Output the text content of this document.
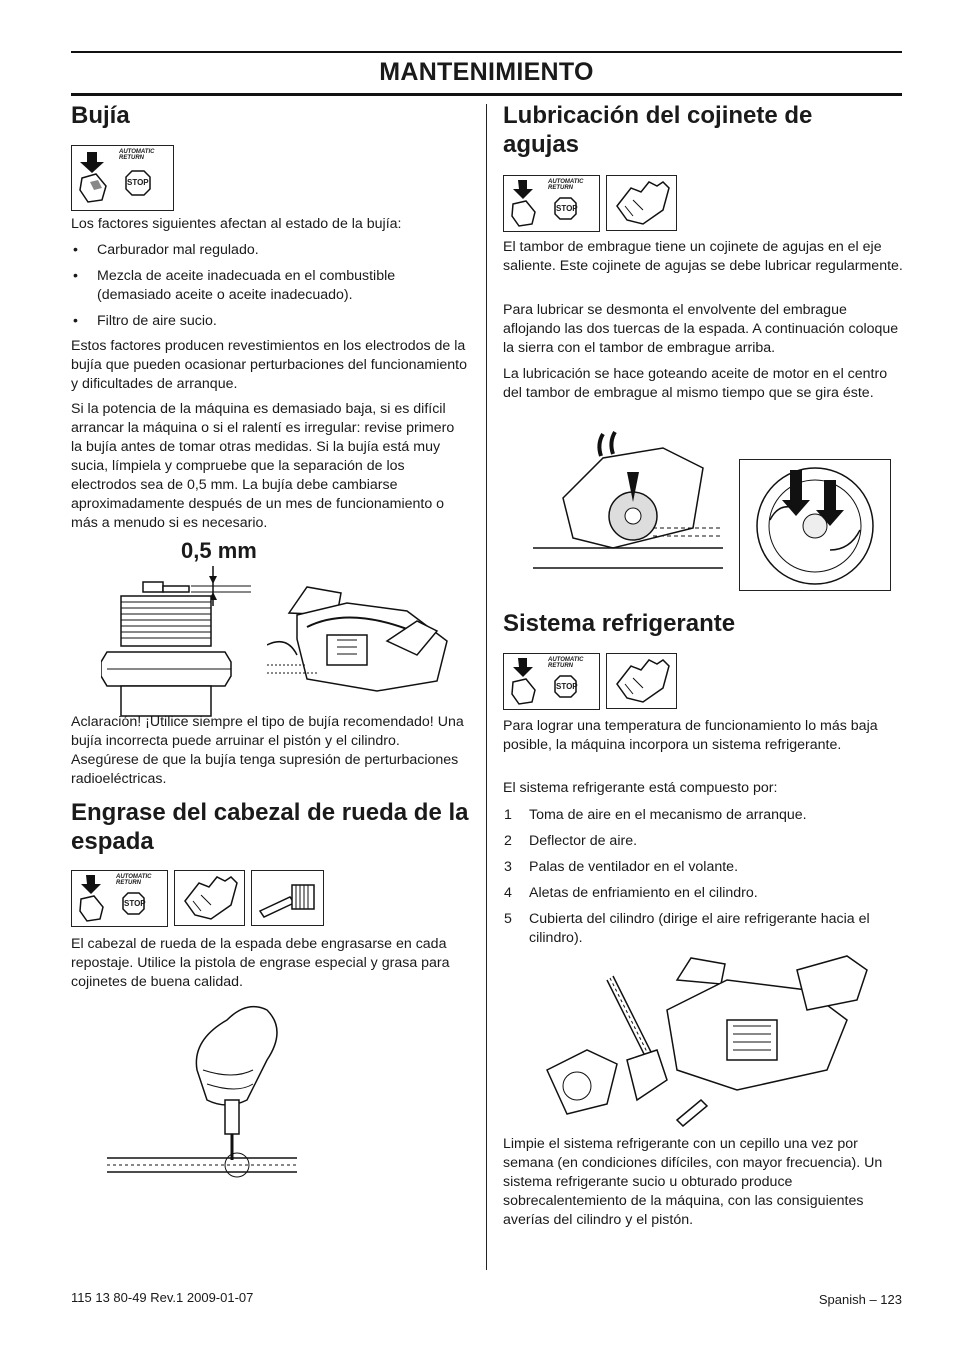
MANTENIMIENTO
Bujía
AUTOMATIC
RETURN
STOP

Los factores siguientes afectan al estado de la bujía:

• Carburador mal regulado.
• Mezcla de aceite inadecuada en el combustible (demasiado aceite o aceite inadecuado).
• Filtro de aire sucio.

Estos factores producen revestimientos en los electrodos de la bujía que pueden ocasionar perturbaciones del funcionamiento y dificultades de arranque.

Si la potencia de la máquina es demasiado baja, si es difícil arrancar la máquina o si el ralentí es irregular: revise primero la bujía antes de tomar otras medidas. Si la bujía está muy sucia, límpiela y compruebe que la separación de los electrodos sea de 0,5 mm. La bujía debe cambiarse aproximadamente después de un mes de funcionamiento o más a menudo si es necesario.

0,5 mm

Aclaración! ¡Utilice siempre el tipo de bujía recomendado! Una bujía incorrecta puede arruinar el pistón y el cilindro. Asegúrese de que la bujía tenga supresión de perturbaciones radioeléctricas.

Engrase del cabezal de rueda de la espada
AUTOMATIC
RETURN
STOP

El cabezal de rueda de la espada debe engrasarse en cada repostaje. Utilice la pistola de engrase especial y grasa para cojinetes de buena calidad.

Lubricación del cojinete de agujas
AUTOMATIC
RETURN
STOP

El tambor de embrague tiene un cojinete de agujas en el eje saliente. Este cojinete de agujas se debe lubricar regularmente.

Para lubricar se desmonta el envolvente del embrague aflojando las dos tuercas de la espada. A continuación coloque la sierra con el tambor de embrague arriba.

La lubricación se hace goteando aceite de motor en el centro del tambor de embrague al mismo tiempo que se gira éste.

Sistema refrigerante
AUTOMATIC
RETURN
STOP

Para lograr una temperatura de funcionamiento lo más baja posible, la máquina incorpora un sistema refrigerante.

El sistema refrigerante está compuesto por:

1 Toma de aire en el mecanismo de arranque.
2 Deflector de aire.
3 Palas de ventilador en el volante.
4 Aletas de enfriamiento en el cilindro.
5 Cubierta del cilindro (dirige el aire refrigerante hacia el cilindro).

Limpie el sistema refrigerante con un cepillo una vez por semana (en condiciones difíciles, con mayor frecuencia). Un sistema refrigerante sucio u obturado produce sobrecalentemiento de la máquina, con las consiguientes averías del cilindro y el pistón.

115 13 80-49 Rev.1 2009-01-07	Spanish – 123
